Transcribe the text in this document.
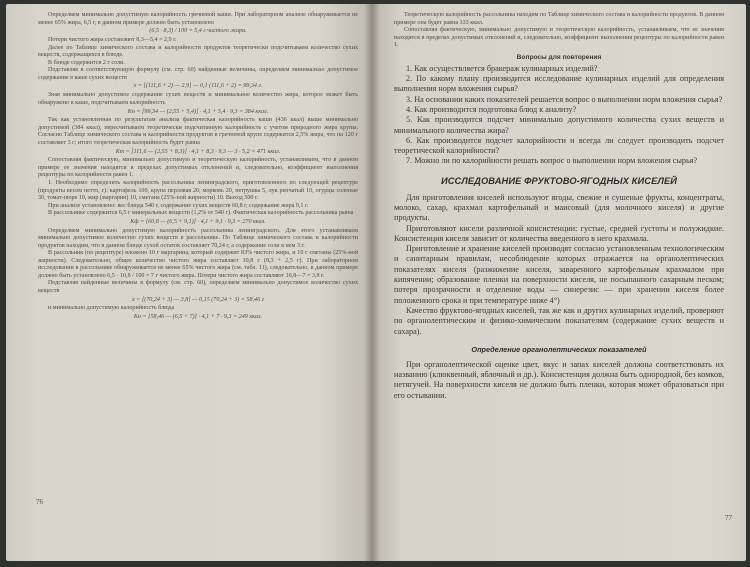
Определяем минимально допустимую калорийность гречневой каши. При лабораторном анализе обнаруживается не менее 65% жира, 6,5 г, в данном примере должно быть установлено

(6,5 · 8,3) / 100 = 5,4 г чистого жира.

Потери чистого жира составляют 8,3—5,4 = 2,9 г.

Далее по Таблице химического состава и калорийности продуктов теоретически подсчитываем количество сухих веществ, содержащихся в блюде.

В блюде содержится 2 г соли.

Подставляя в соответствующую формулу (см. стр. 60) найденные величины, определяем минимально допустимое содержание в каше сухих веществ

x = [(111,6 + 2) — 2,9] — 0,1 (111,6 + 2) = 99,34 г.

Зная минимально допустимое содержание сухих веществ и минимальное количество жира, которое может быть обнаружено в каше, подсчитываем калорийность

Кн = [99,34 — (2,55 + 5,4)] · 4,1 + 5,4 · 9,3 = 384 ккал.

Так как установленная по результатам анализа фактическая калорийность каши (436 ккал) выше минимально допустимой (384 ккал), пересчитываем теоретически подсчитанную калорийность с учетом природного жира крупы. Согласно Таблице химического состава и калорийности продуктов в гречневой крупе содержится 2,5% жира, что на 120 г составляет 3 г; итого теоретическая калорийность будет равна

Кт = [111,6 — (2,55 + 8,3)] · 4,1 + 8,3 · 9,3 — 3 · 5,2 = 471 ккал.

Сопоставляя фактическую, минимально допустимую и теоретическую калорийность, устанавливаем, что в данном примере ее значения находятся в пределах допустимых отклонений и, следовательно, коэффициент выполнения рецептуры по калорийности равен 1.

1. Необходимо определить калорийность рассольника ленинградского, приготовленного по следующей рецептуре (продукты весом нетто, г): картофель 100, крупа перловая 20, морковь 20, петрушка 5, лук репчатый 10, огурцы соленые 30, томат-пюре 10, жир (маргарин) 10, сметана (25%-ной жирности) 10. Выход 500 г.

При анализе установлено: вес блюда 540 г, содержание сухих веществ 60,8 г, содержание жира 9,1 г.

В рассольнике содержится 6,5 г минеральных веществ (1,2% от 540 г). Фактическая калорийность рассольника равна

Кф = [60,8 — (6,5 + 9,1)] · 4,1 + 9,1 · 9,3 = 270 ккал.

Определяем минимально допустимую калорийность рассольника ленинградского. Для этого устанавливаем минимально допустимое количество сухих веществ в рассольнике. По Таблице химического состава и калорийности продуктов находим, что в данном блюде сухой остаток составляет 70,24 г, а содержание соли в нем 3 г.

В рассольник (по рецептуре) вложено 10 г маргарина, который содержит 83% чистого жира, и 10 г сметаны (25%-ной жирности). Следовательно, общее количество чистого жира составляет 10,8 г (8,3 + 2,5 г). При лабораторном исследовании в рассольнике обнаруживается не менее 65% чистого жира (см. табл. 11), следовательно, в данном примере должно быть установлено 6,5 · 10,8 / 100 = 7 г чистого жира. Потери чистого жира составляют 10,8—7 = 3,8 г.

Подставляя найденные величины в формулу (см. стр. 60), определяем минимально допустимое количество сухих веществ

x = [(70,24 + 3) — 3,8] — 0,15 (70,24 + 3) = 58,46 г

и минимально допустимую калорийность блюда

Кн = [58,46 — (6,5 + 7)] · 4,1 + 7 · 9,3 = 249 ккал.

76

Теоретическую калорийность рассольника находим по Таблице химического состава и калорийности продуктов. В данном примере она будет равна 333 ккал.

Сопоставляя фактическую, минимально допустимую и теоретическую калорийность, устанавливаем, что ее значения находятся в пределах допустимых отклонений и, следовательно, коэффициент выполнения рецептуры по калорийности равен 1.

Вопросы для повторения

1. Как осуществляется бракераж кулинарных изделий?

2. По какому плану производится исследование кулинарных изделий для определения выполнения норм вложения сырья?

3. На основании каких показателей решается вопрос о выполнении норм вложения сырья?

4. Как производится подготовка блюд к анализу?

5. Как производится подсчет минимально допустимого количества сухих веществ и минимального количества жира?

6. Как производится подсчет калорийности и всегда ли следует производить подсчет теоретической калорийности?

7. Можно ли по калорийности решать вопрос о выполнении норм вложения сырья?

ИССЛЕДОВАНИЕ ФРУКТОВО-ЯГОДНЫХ КИСЕЛЕЙ

Для приготовления киселей используют ягоды, свежие и сушеные фрукты, концентраты, молоко, сахар, крахмал картофельный и маисовый (для молочного киселя) и другие продукты.

Приготовляют кисели различной консистенции: густые, средней густоты и полужидкие. Консистенция киселя зависит от количества введенного в него крахмала.

Приготовление и хранение киселей производят согласно установленным технологическим и санитарным правилам, несоблюдение которых отражается на органолептических показателях киселя (разжижение киселя, заваренного картофельным крахмалом при кипячении; образование пленки на поверхности киселя, не посыпанного сахарным песком; потеря прозрачности и отделение воды — синерезис — при хранении киселя более положенного срока и при температуре ниже 4°)

Качество фруктово-ягодных киселей, так же как и других кулинарных изделий, проверяют по органолептическим и физико-химическим показателям (содержание сухих веществ и сахара).

Определение органолептических показателей

При органолептической оценке цвет, вкус и запах киселей должны соответствовать их названию (клюквенный, яблочный и др.). Консистенция должна быть однородной, без комков, нетягучей. На поверхности киселя не должно быть пленки, которая может образоваться при его остывании.

77
